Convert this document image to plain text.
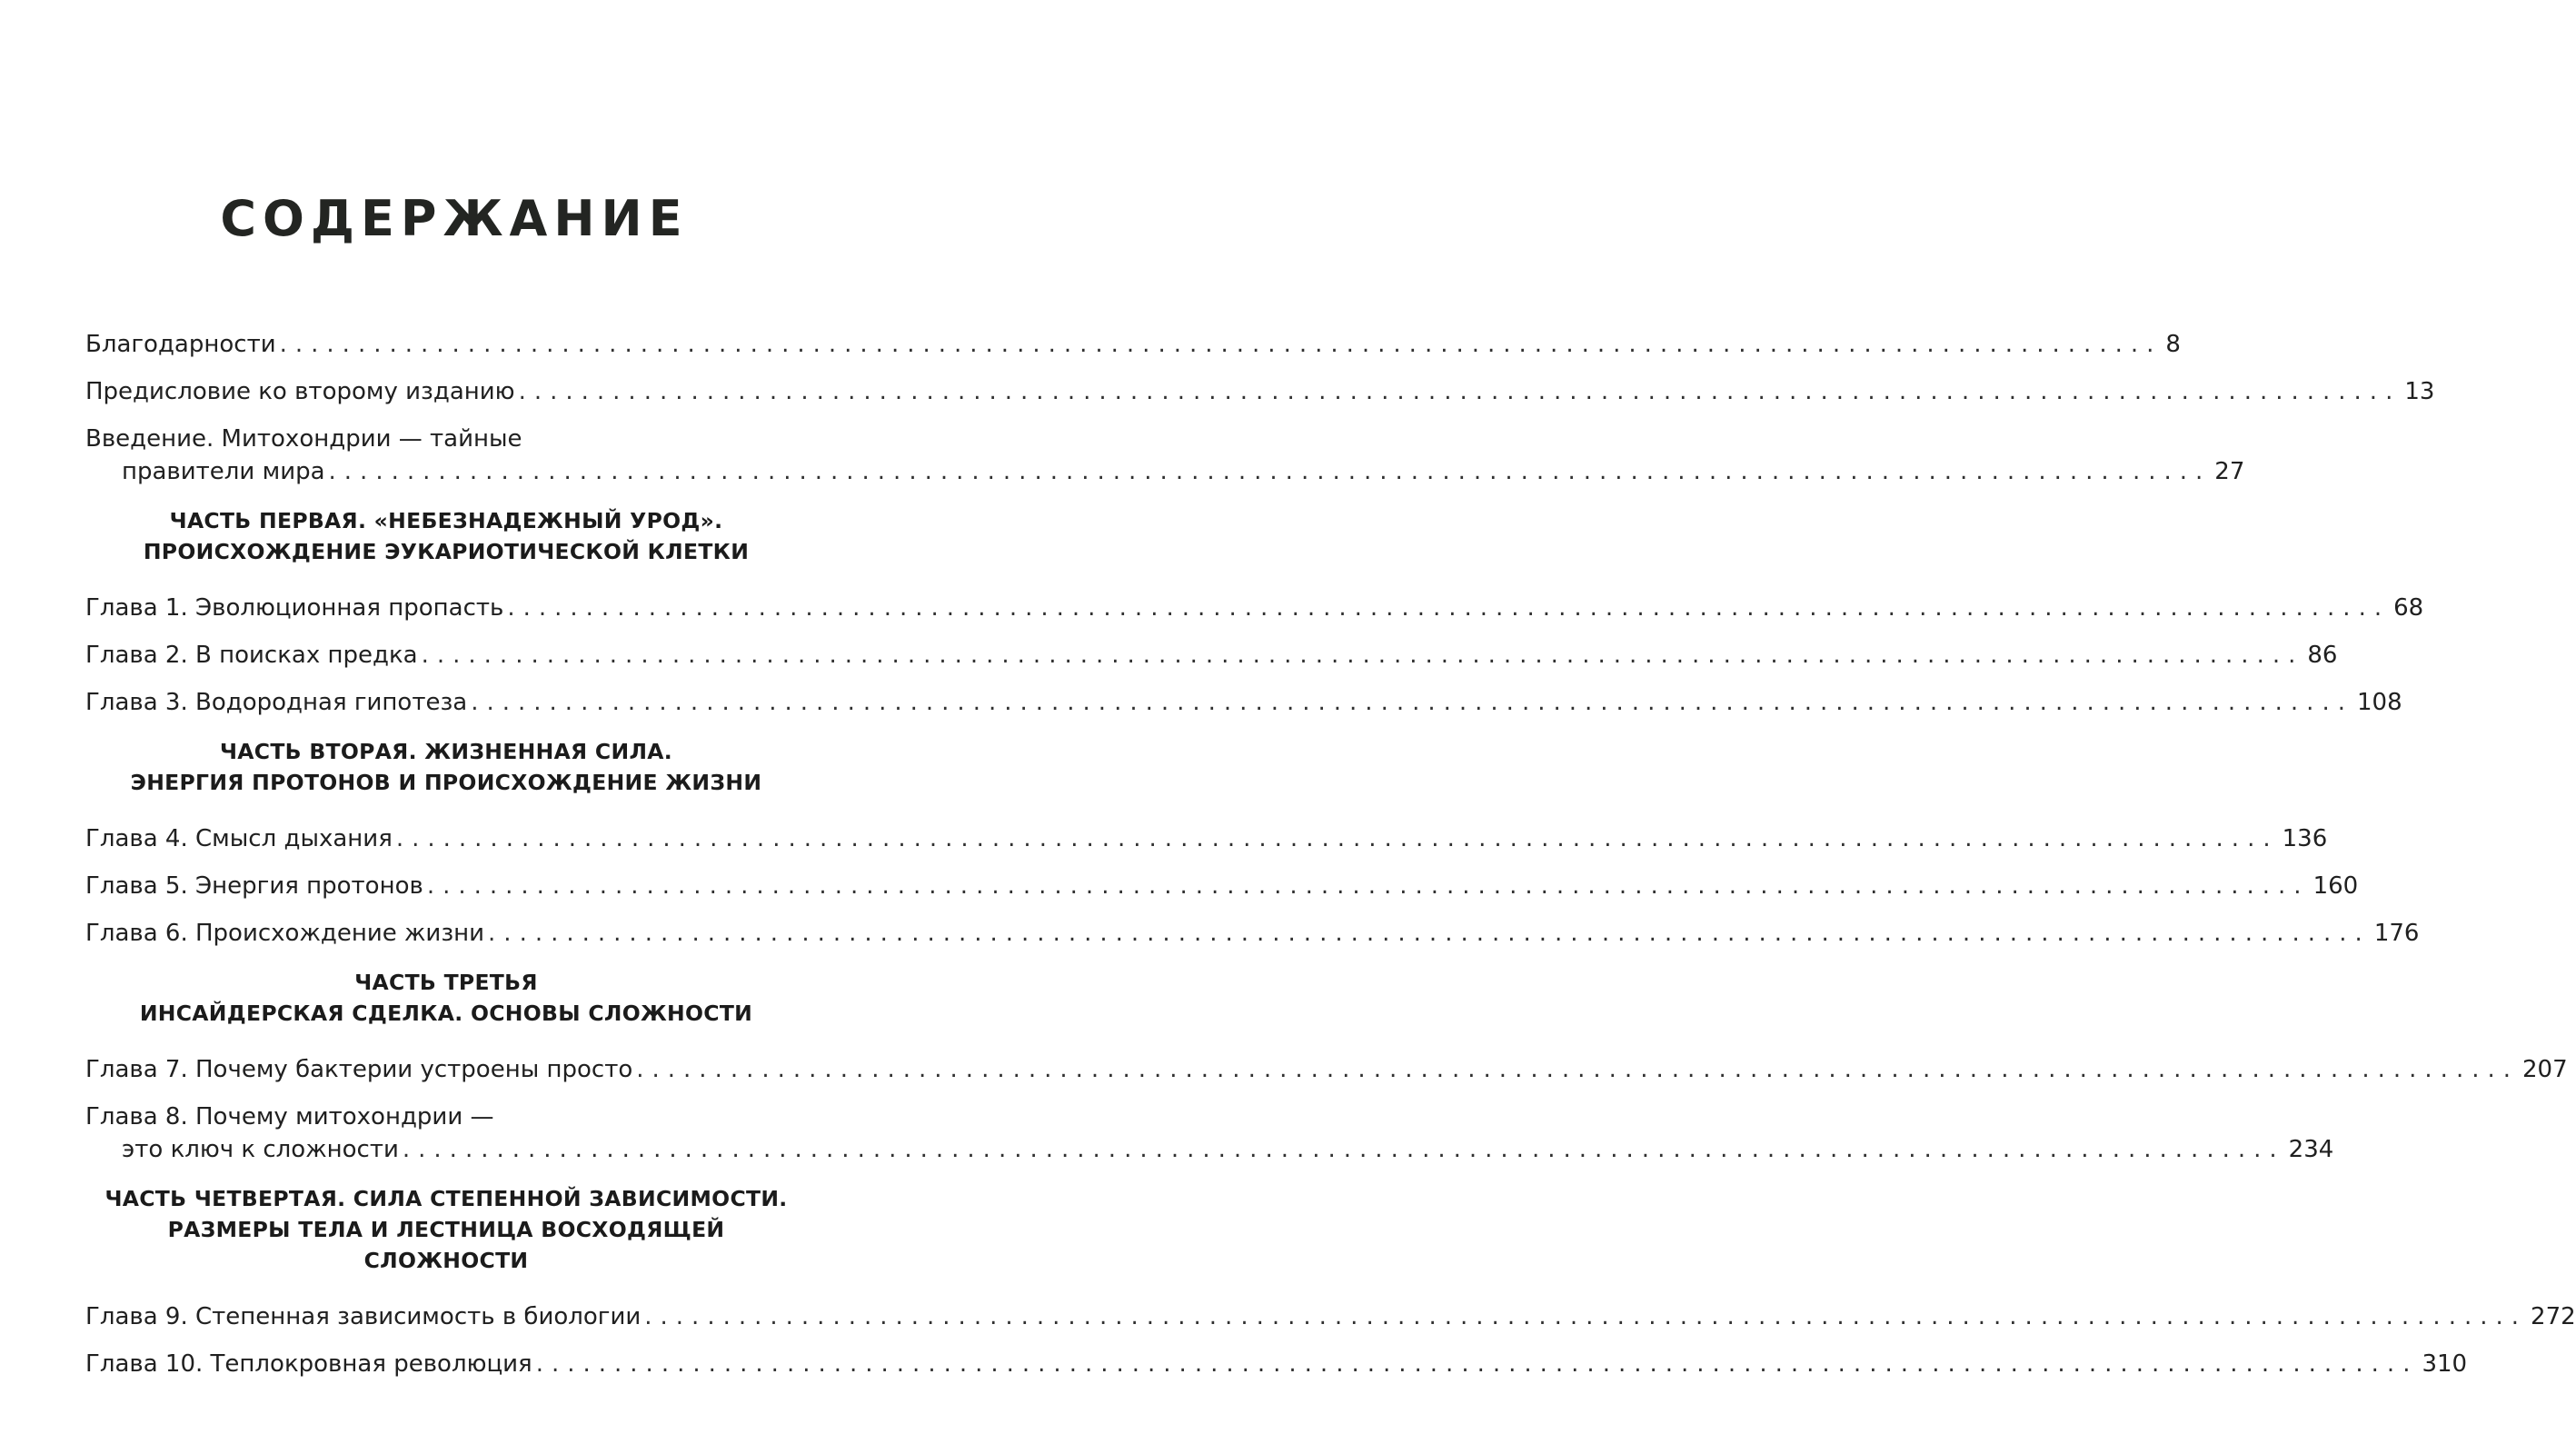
СОДЕРЖАНИЕ
Благодарности ........................................................................................................................ 8
Предисловие ко второму изданию ........................................................................................................................ 13
Введение. Митохондрии — тайные
правители мира ........................................................................................................................ 27
ЧАСТЬ ПЕРВАЯ. «НЕБЕЗНАДЕЖНЫЙ УРОД».
ПРОИСХОЖДЕНИЕ ЭУКАРИОТИЧЕСКОЙ КЛЕТКИ
Глава 1. Эволюционная пропасть ........................................................................................................................ 68
Глава 2. В поисках предка ........................................................................................................................ 86
Глава 3. Водородная гипотеза ........................................................................................................................ 108
ЧАСТЬ ВТОРАЯ. ЖИЗНЕННАЯ СИЛА.
ЭНЕРГИЯ ПРОТОНОВ И ПРОИСХОЖДЕНИЕ ЖИЗНИ
Глава 4. Смысл дыхания ........................................................................................................................ 136
Глава 5. Энергия протонов ........................................................................................................................ 160
Глава 6. Происхождение жизни ........................................................................................................................ 176
ЧАСТЬ ТРЕТЬЯ
ИНСАЙДЕРСКАЯ СДЕЛКА. ОСНОВЫ СЛОЖНОСТИ
Глава 7. Почему бактерии устроены просто ........................................................................................................................ 207
Глава 8. Почему митохондрии —
это ключ к сложности ........................................................................................................................ 234
ЧАСТЬ ЧЕТВЕРТАЯ. СИЛА СТЕПЕННОЙ ЗАВИСИМОСТИ.
РАЗМЕРЫ ТЕЛА И ЛЕСТНИЦА ВОСХОДЯЩЕЙ СЛОЖНОСТИ
Глава 9. Степенная зависимость в биологии ........................................................................................................................ 272
Глава 10. Теплокровная революция ........................................................................................................................ 310
